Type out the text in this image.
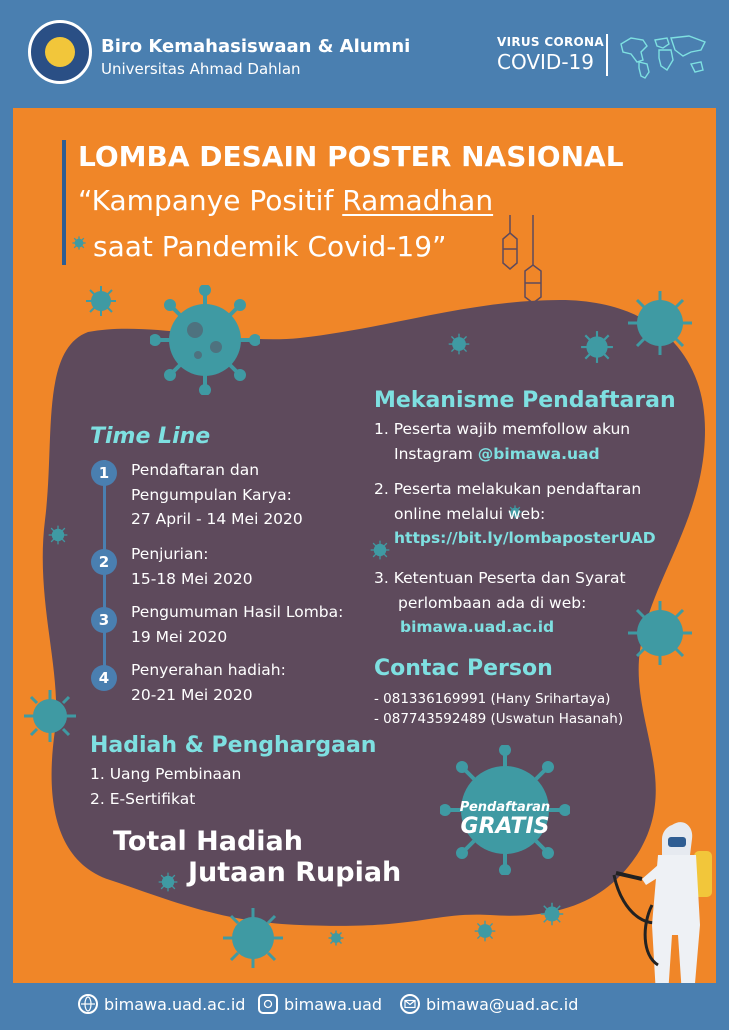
Biro Kemahasiswaan & Alumni
Universitas Ahmad Dahlan
VIRUS CORONA
COVID-19
LOMBA DESAIN POSTER NASIONAL
“Kampanye Positif Ramadhan
saat Pandemik Covid-19”
Time Line
1	Pendaftaran dan
Pengumpulan Karya:
27 April - 14 Mei 2020
2	Penjurian:
15-18 Mei 2020
3	Pengumuman Hasil Lomba:
19 Mei 2020
4	Penyerahan hadiah:
20-21 Mei 2020
Mekanisme Pendaftaran
1. Peserta wajib memfollow akun
Instagram @bimawa.uad
2. Peserta melakukan pendaftaran
online melalui web:
https://bit.ly/lombaposterUAD
3. Ketentuan Peserta dan Syarat
perlombaan ada di web:
bimawa.uad.ac.id
Contac Person
- 081336169991 (Hany Srihartaya)
- 087743592489 (Uswatun Hasanah)
Hadiah & Penghargaan
1. Uang Pembinaan
2. E-Sertifikat
Total Hadiah
Jutaan Rupiah
Pendaftaran
GRATIS
bimawa.uad.ac.id bimawa.uad	bimawa@uad.ac.id
